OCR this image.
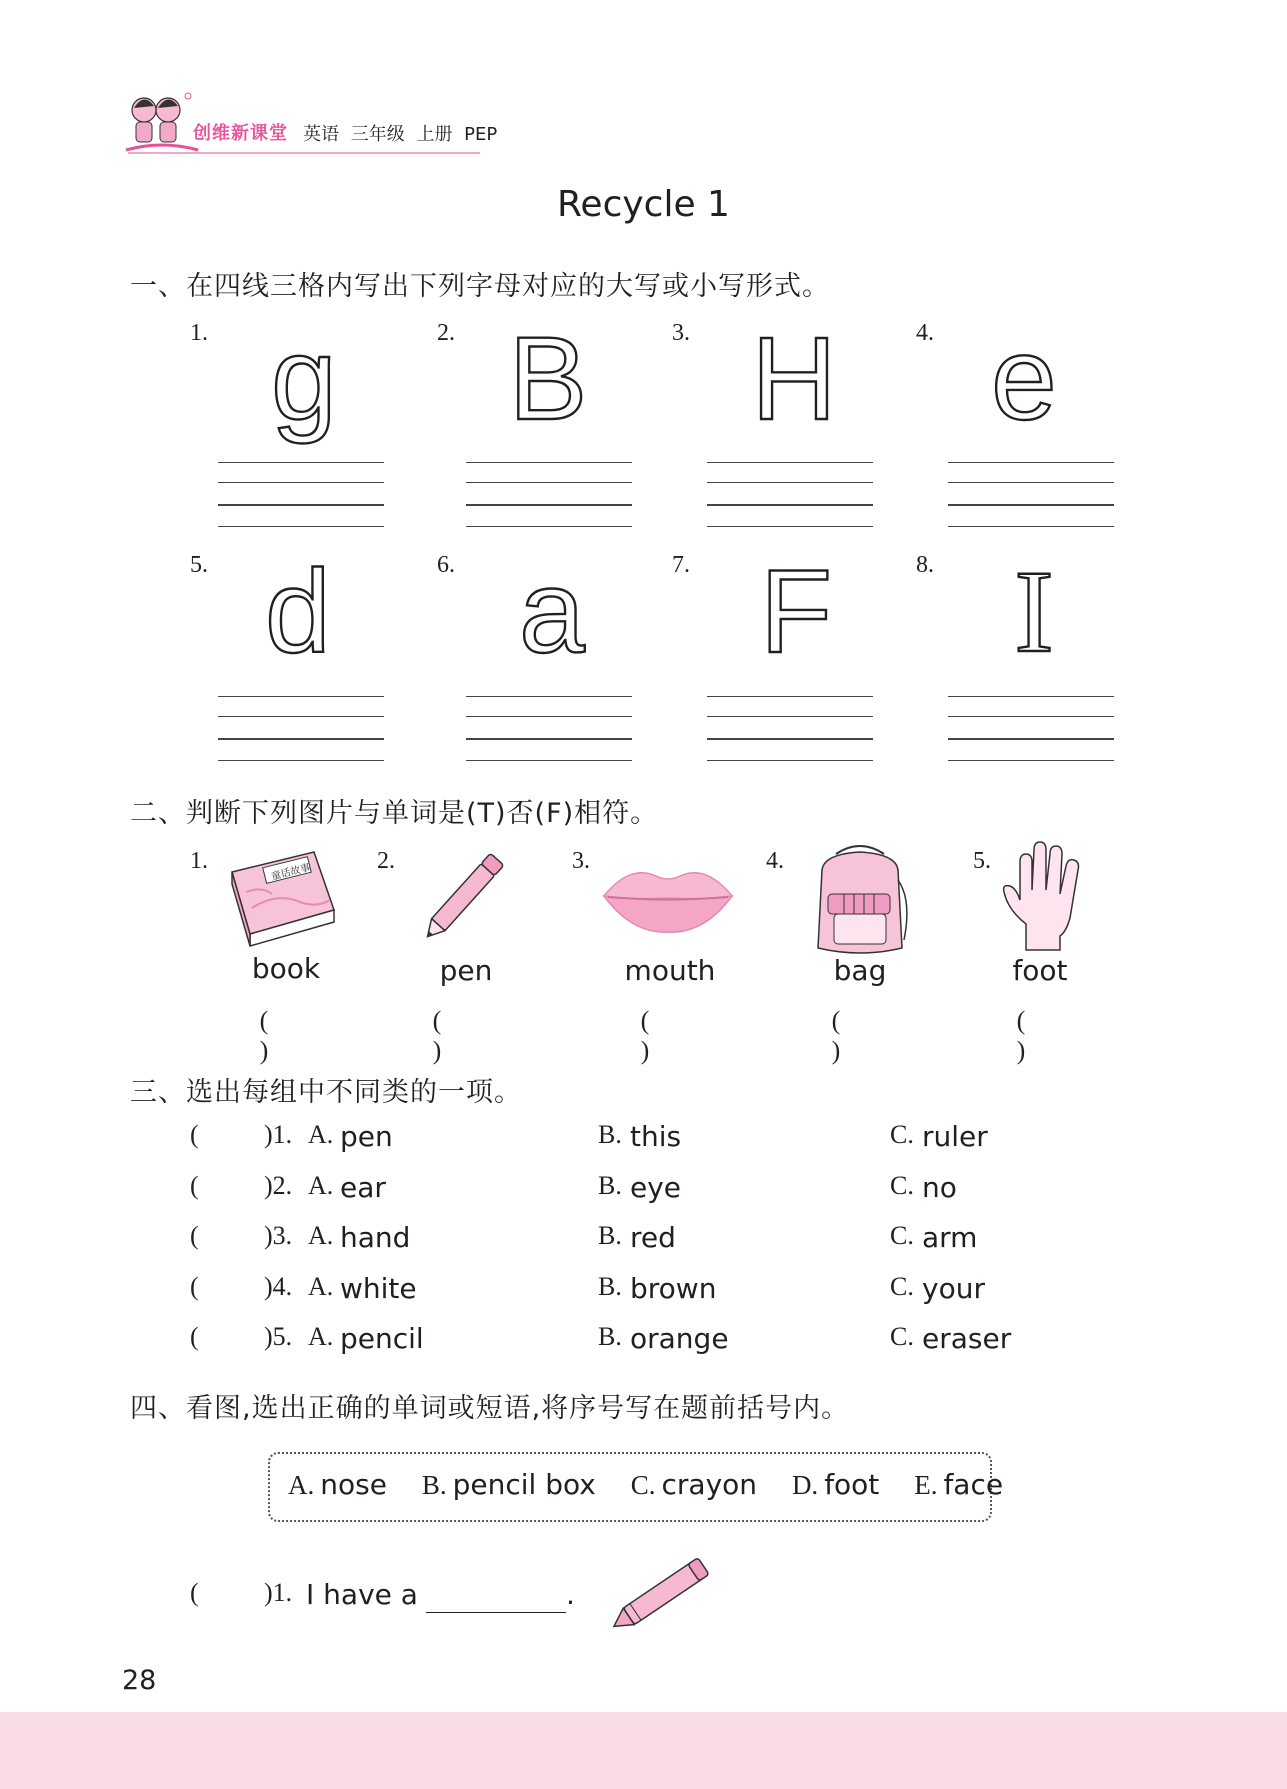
创维新课堂 英语 三年级 上册 PEP
Recycle 1
一、在四线三格内写出下列字母对应的大写或小写形式。
1. g	2. B	3. H	4. e
5. d	6. a	7. F	8. I
二、判断下列图片与单词是(T)否(F)相符。
1.	童话故事
book
( )
2.
pen
( )
3.
mouth
( )
4.
bag
( )
5.
foot
( )
三、选出每组中不同类的一项。
(	)1. A. pen	B. this	C. ruler
(	)2. A. ear	B. eye	C. no
(	)3. A. hand	B. red	C. arm
(	)4. A. white	B. brown	C. your
(	)5. A. pencil	B. orange	C. eraser
四、看图,选出正确的单词或短语,将序号写在题前括号内。
A. nose B. pencil box C. crayon D. foot E. face
(	)1. I have a	.
28
